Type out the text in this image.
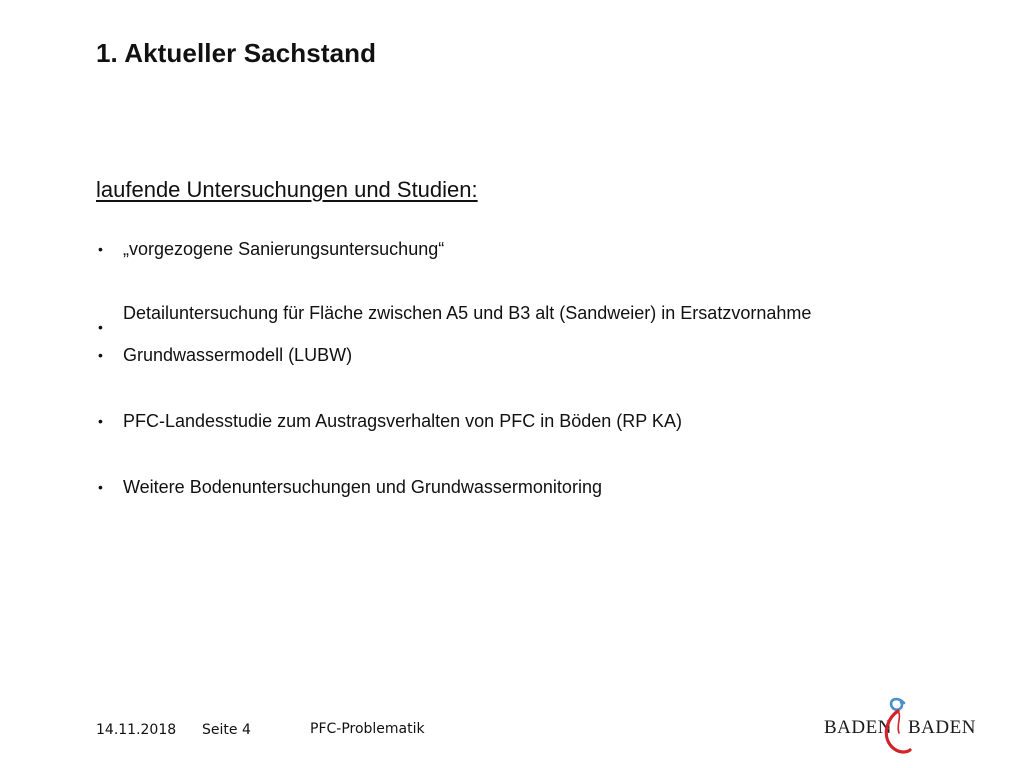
1. Aktueller Sachstand
laufende Untersuchungen und Studien:
• „vorgezogene Sanierungsuntersuchung“
•
Detailuntersuchung für Fläche zwischen A5 und B3 alt (Sandweier) in Ersatzvornahme
• Grundwassermodell (LUBW)
• PFC-Landesstudie zum Austragsverhalten von PFC in Böden (RP KA)
• Weitere Bodenuntersuchungen und Grundwassermonitoring
14.11.2018 Seite 4	PFC-Problematik	BADEN BADEN
